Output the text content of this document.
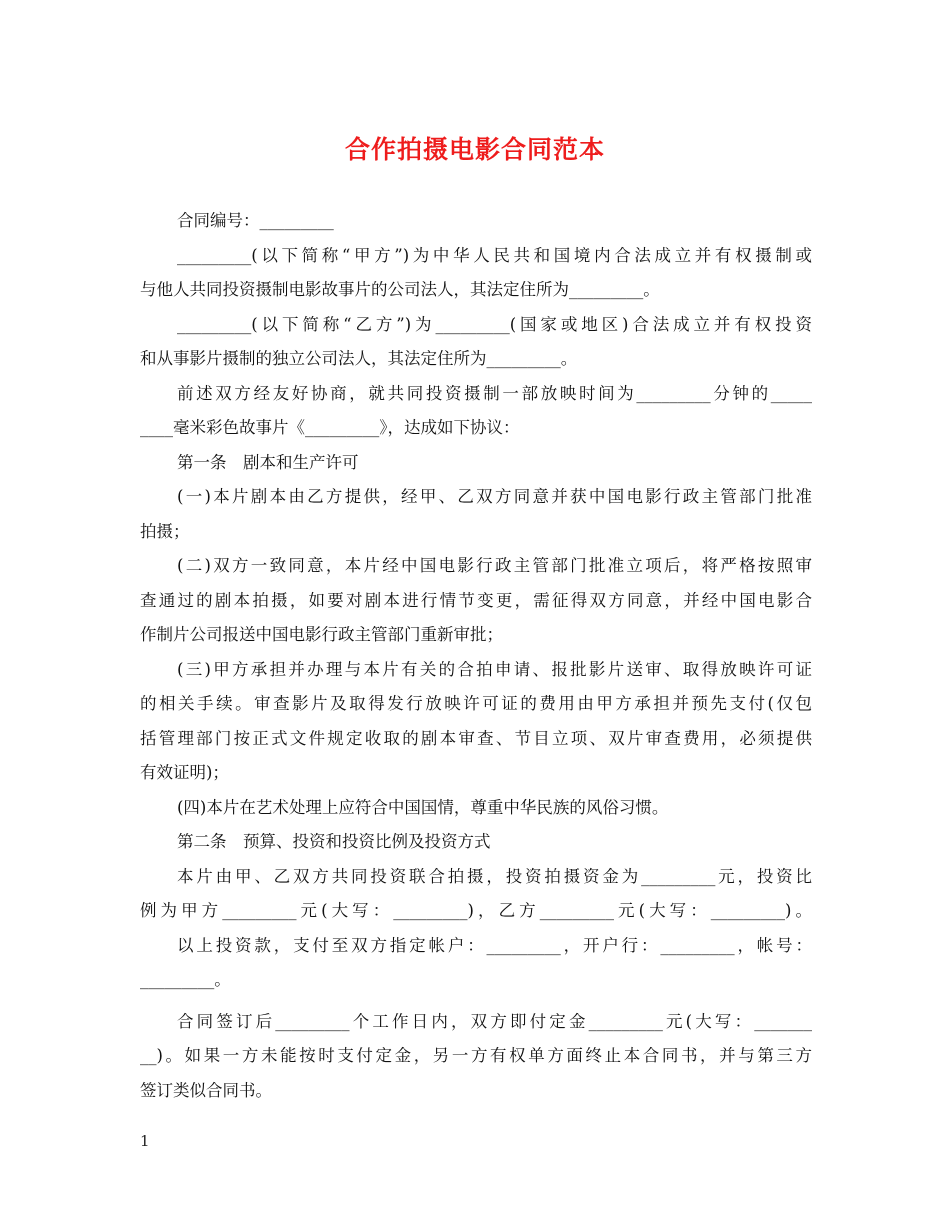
合作拍摄电影合同范本
合同编号：_________
_________(以下简称“甲方”)为中华人民共和国境内合法成立并有权摄制或
与他人共同投资摄制电影故事片的公司法人，其法定住所为_________。
_________(以下简称“乙方”)为_________(国家或地区)合法成立并有权投资
和从事影片摄制的独立公司法人，其法定住所为_________。
前述双方经友好协商，就共同投资摄制一部放映时间为_________分钟的_____
____毫米彩色故事片《_________》，达成如下协议：
第一条　剧本和生产许可
(一)本片剧本由乙方提供，经甲、乙双方同意并获中国电影行政主管部门批准
拍摄；
(二)双方一致同意，本片经中国电影行政主管部门批准立项后，将严格按照审
查通过的剧本拍摄，如要对剧本进行情节变更，需征得双方同意，并经中国电影合
作制片公司报送中国电影行政主管部门重新审批；
(三)甲方承担并办理与本片有关的合拍申请、报批影片送审、取得放映许可证
的相关手续。审查影片及取得发行放映许可证的费用由甲方承担并预先支付(仅包
括管理部门按正式文件规定收取的剧本审查、节目立项、双片审查费用，必须提供
有效证明)；
(四)本片在艺术处理上应符合中国国情，尊重中华民族的风俗习惯。
第二条　预算、投资和投资比例及投资方式
本片由甲、乙双方共同投资联合拍摄，投资拍摄资金为_________元，投资比
例为甲方_________元(大写：_________)，乙方_________元(大写：_________)。
以上投资款，支付至双方指定帐户：_________，开户行：_________，帐号：
_________。
合同签订后_________个工作日内，双方即付定金_________元(大写：_______
__)。如果一方未能按时支付定金，另一方有权单方面终止本合同书，并与第三方
签订类似合同书。
1
